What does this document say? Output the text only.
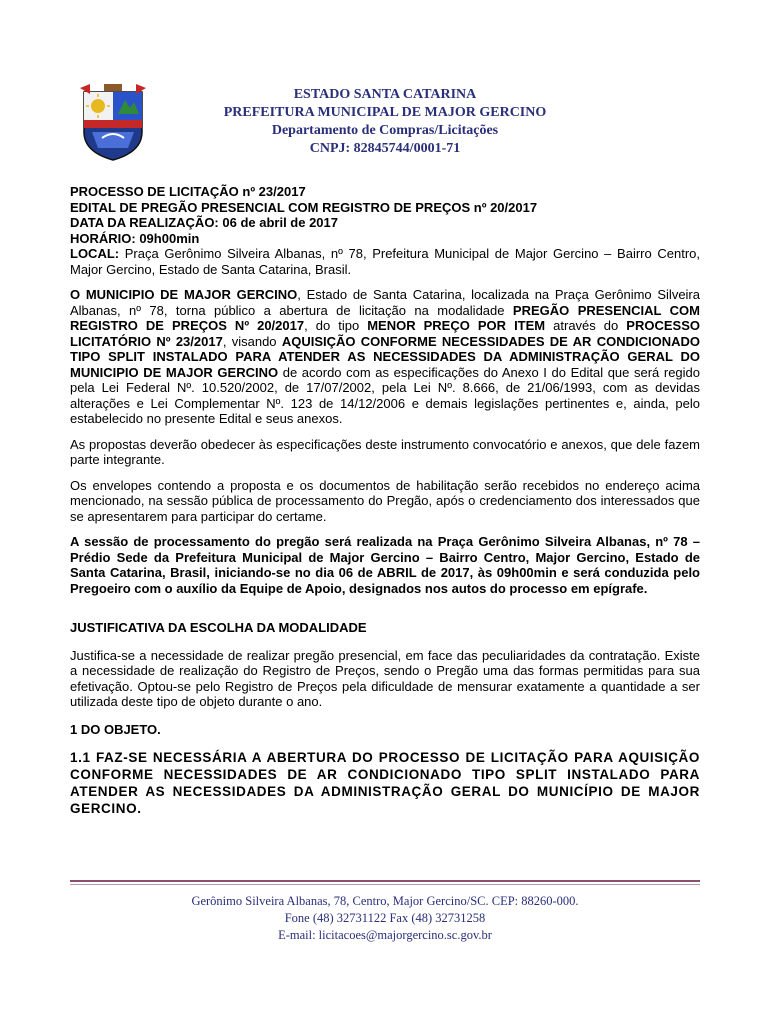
ESTADO SANTA CATARINA
PREFEITURA MUNICIPAL DE MAJOR GERCINO
Departamento de Compras/Licitações
CNPJ: 82845744/0001-71

PROCESSO DE LICITAÇÃO nº 23/2017

EDITAL DE PREGÃO PRESENCIAL COM REGISTRO DE PREÇOS nº 20/2017

DATA DA REALIZAÇÃO: 06 de abril de 2017

HORÁRIO: 09h00min

LOCAL: Praça Gerônimo Silveira Albanas, nº 78, Prefeitura Municipal de Major Gercino – Bairro Centro, Major Gercino, Estado de Santa Catarina, Brasil.

O MUNICIPIO DE MAJOR GERCINO, Estado de Santa Catarina, localizada na Praça Gerônimo Silveira Albanas, nº 78, torna público a abertura de licitação na modalidade PREGÃO PRESENCIAL COM REGISTRO DE PREÇOS Nº 20/2017, do tipo MENOR PREÇO POR ITEM através do PROCESSO LICITATÓRIO Nº 23/2017, visando AQUISIÇÃO CONFORME NECESSIDADES DE AR CONDICIONADO TIPO SPLIT INSTALADO PARA ATENDER AS NECESSIDADES DA ADMINISTRAÇÃO GERAL DO MUNICIPIO DE MAJOR GERCINO de acordo com as especificações do Anexo I do Edital que será regido pela Lei Federal Nº. 10.520/2002, de 17/07/2002, pela Lei Nº. 8.666, de 21/06/1993, com as devidas alterações e Lei Complementar Nº. 123 de 14/12/2006 e demais legislações pertinentes e, ainda, pelo estabelecido no presente Edital e seus anexos.

As propostas deverão obedecer às especificações deste instrumento convocatório e anexos, que dele fazem parte integrante.

Os envelopes contendo a proposta e os documentos de habilitação serão recebidos no endereço acima mencionado, na sessão pública de processamento do Pregão, após o credenciamento dos interessados que se apresentarem para participar do certame.

A sessão de processamento do pregão será realizada na Praça Gerônimo Silveira Albanas, nº 78 – Prédio Sede da Prefeitura Municipal de Major Gercino – Bairro Centro, Major Gercino, Estado de Santa Catarina, Brasil, iniciando-se no dia 06 de ABRIL de 2017, às 09h00min e será conduzida pelo Pregoeiro com o auxílio da Equipe de Apoio, designados nos autos do processo em epígrafe.

JUSTIFICATIVA DA ESCOLHA DA MODALIDADE

Justifica-se a necessidade de realizar pregão presencial, em face das peculiaridades da contratação. Existe a necessidade de realização do Registro de Preços, sendo o Pregão uma das formas permitidas para sua efetivação. Optou-se pelo Registro de Preços pela dificuldade de mensurar exatamente a quantidade a ser utilizada deste tipo de objeto durante o ano.

1 DO OBJETO.

1.1 FAZ-SE NECESSÁRIA A ABERTURA DO PROCESSO DE LICITAÇÃO PARA AQUISIÇÃO CONFORME NECESSIDADES DE AR CONDICIONADO TIPO SPLIT INSTALADO PARA ATENDER AS NECESSIDADES DA ADMINISTRAÇÃO GERAL DO MUNICÍPIO DE MAJOR GERCINO.

Gerônimo Silveira Albanas, 78, Centro, Major Gercino/SC. CEP: 88260-000.
Fone (48) 32731122 Fax (48) 32731258
E-mail: licitacoes@majorgercino.sc.gov.br
